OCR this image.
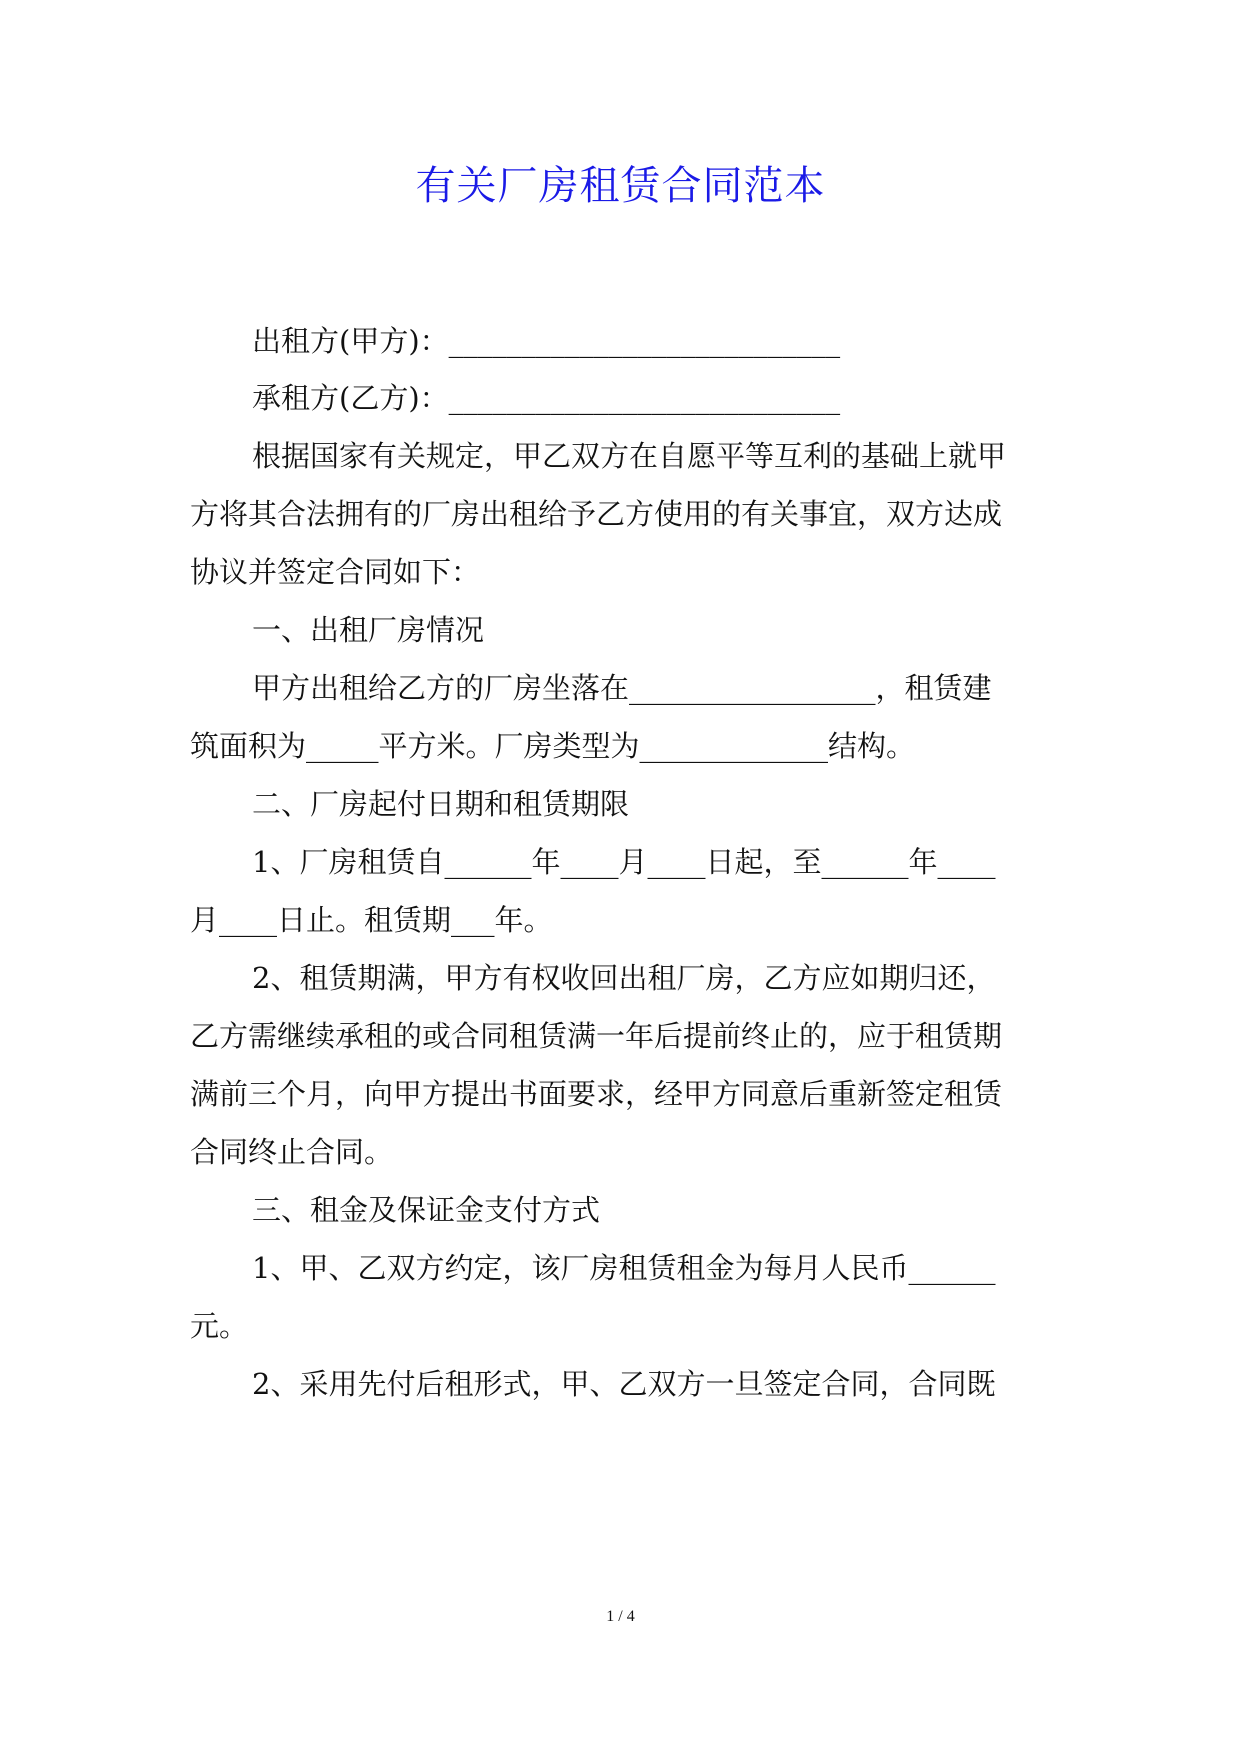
有关厂房租赁合同范本
出租方(甲方)：___________________________
承租方(乙方)：___________________________
根据国家有关规定，甲乙双方在自愿平等互利的基础上就甲
方将其合法拥有的厂房出租给予乙方使用的有关事宜，双方达成
协议并签定合同如下：
一、出租厂房情况
甲方出租给乙方的厂房坐落在_________________，租赁建
筑面积为_____平方米。厂房类型为_____________结构。
二、厂房起付日期和租赁期限
1、厂房租赁自______年____月____日起，至______年____
月____日止。租赁期___年。
2、租赁期满，甲方有权收回出租厂房，乙方应如期归还，
乙方需继续承租的或合同租赁满一年后提前终止的，应于租赁期
满前三个月，向甲方提出书面要求，经甲方同意后重新签定租赁
合同终止合同。
三、租金及保证金支付方式
1、甲、乙双方约定，该厂房租赁租金为每月人民币______
元。
2、采用先付后租形式，甲、乙双方一旦签定合同，合同既
1 / 4
